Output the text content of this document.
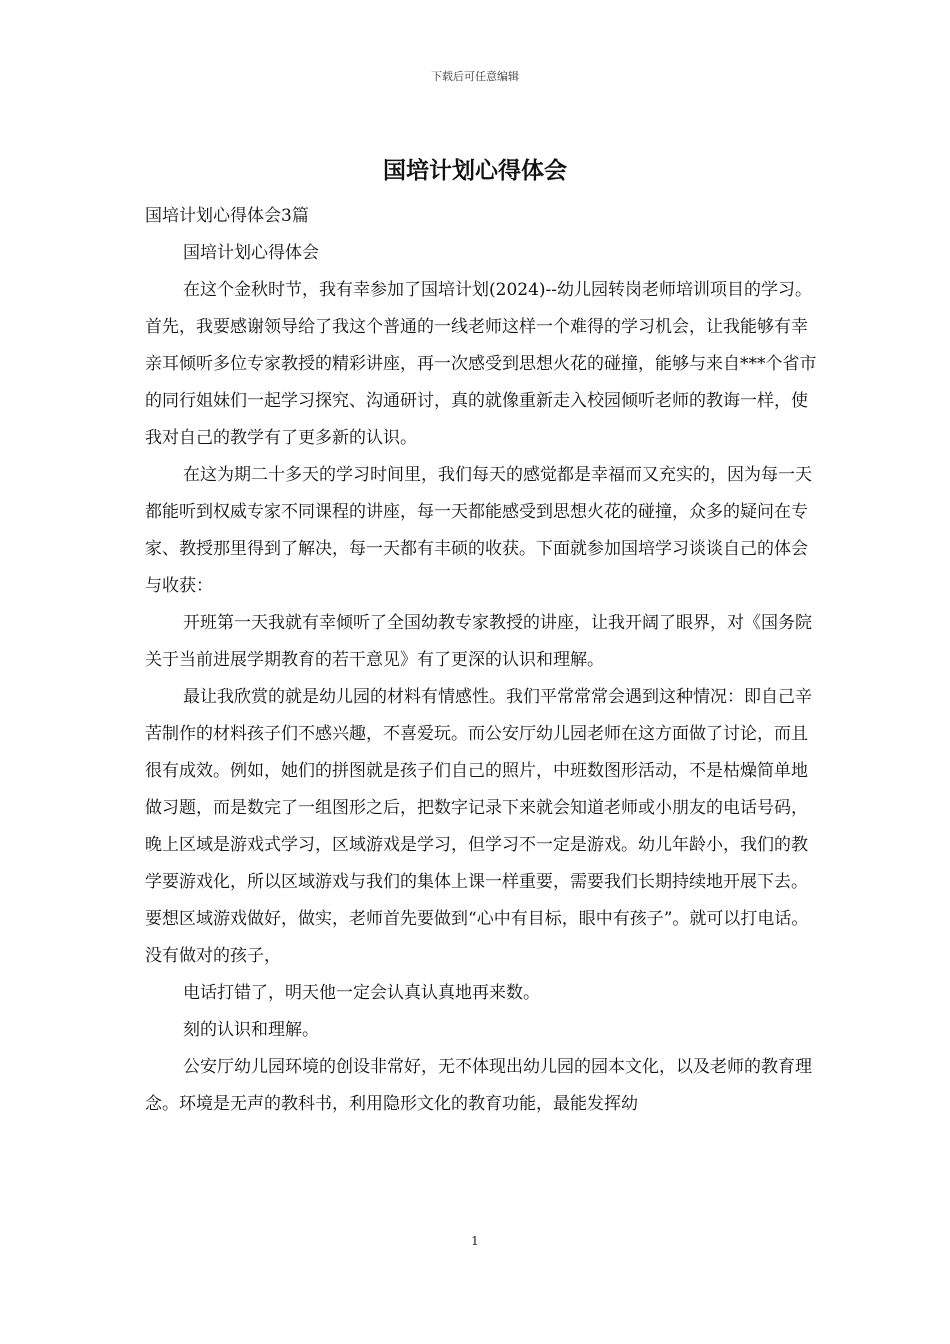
下载后可任意编辑
国培计划心得体会

国培计划心得体会3篇

国培计划心得体会

在这个金秋时节，我有幸参加了国培计划(2024)--幼儿园转岗老师培训项目的学习。首先，我要感谢领导给了我这个普通的一线老师这样一个难得的学习机会，让我能够有幸亲耳倾听多位专家教授的精彩讲座，再一次感受到思想火花的碰撞，能够与来自***个省市的同行姐妹们一起学习探究、沟通研讨，真的就像重新走入校园倾听老师的教诲一样，使我对自己的教学有了更多新的认识。

在这为期二十多天的学习时间里，我们每天的感觉都是幸福而又充实的，因为每一天都能听到权威专家不同课程的讲座，每一天都能感受到思想火花的碰撞，众多的疑问在专家、教授那里得到了解决，每一天都有丰硕的收获。下面就参加国培学习谈谈自己的体会与收获：

开班第一天我就有幸倾听了全国幼教专家教授的讲座，让我开阔了眼界，对《国务院关于当前进展学期教育的若干意见》有了更深的认识和理解。

最让我欣赏的就是幼儿园的材料有情感性。我们平常常常会遇到这种情况：即自己辛苦制作的材料孩子们不感兴趣，不喜爱玩。而公安厅幼儿园老师在这方面做了讨论，而且很有成效。例如，她们的拼图就是孩子们自己的照片，中班数图形活动，不是枯燥简单地做习题，而是数完了一组图形之后，把数字记录下来就会知道老师或小朋友的电话号码，晚上区域是游戏式学习，区域游戏是学习，但学习不一定是游戏。幼儿年龄小，我们的教学要游戏化，所以区域游戏与我们的集体上课一样重要，需要我们长期持续地开展下去。要想区域游戏做好，做实，老师首先要做到“心中有目标，眼中有孩子”。就可以打电话。没有做对的孩子，

电话打错了，明天他一定会认真认真地再来数。

刻的认识和理解。

公安厅幼儿园环境的创设非常好，无不体现出幼儿园的园本文化，以及老师的教育理念。环境是无声的教科书，利用隐形文化的教育功能，最能发挥幼

1
